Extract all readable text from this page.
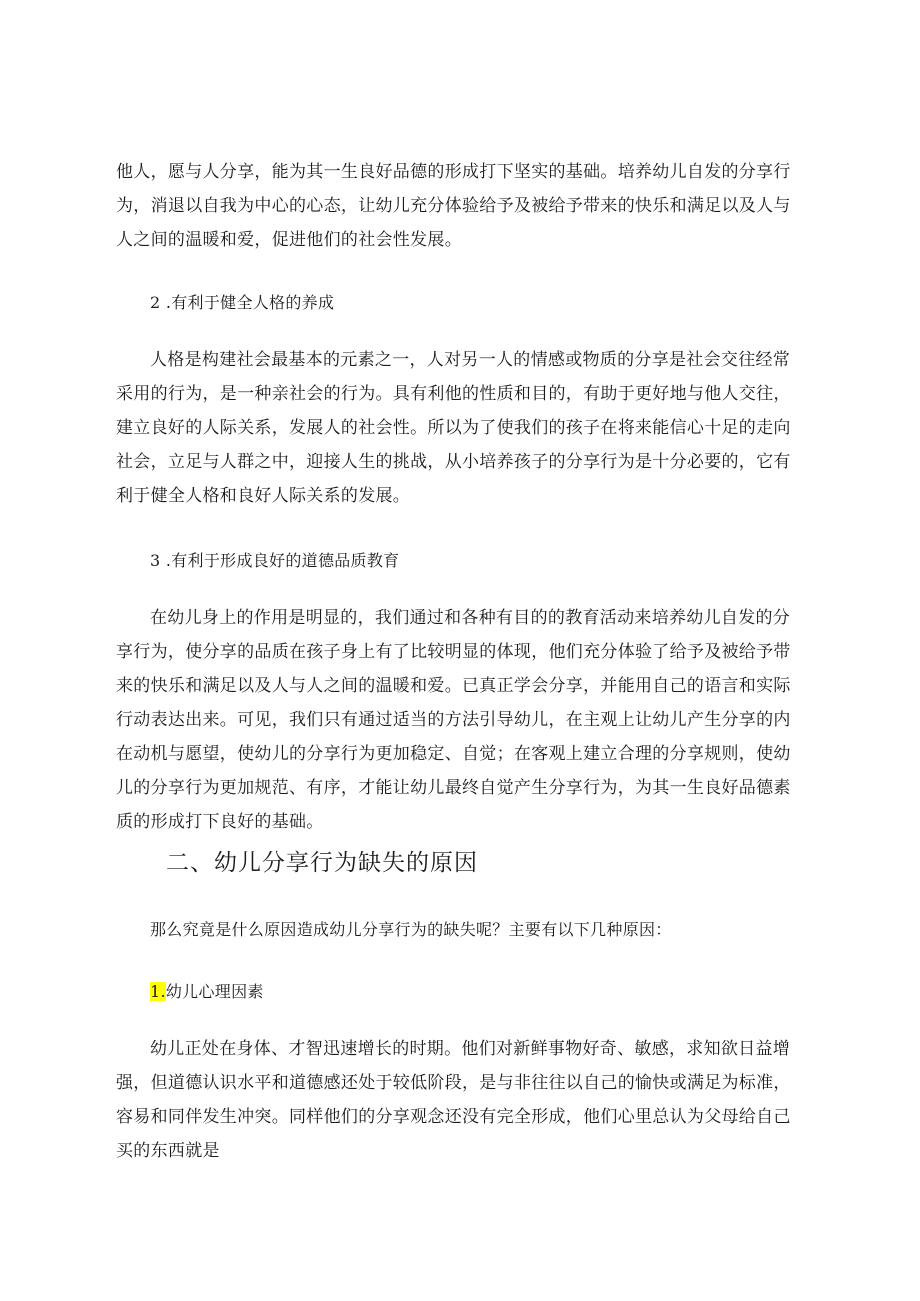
他人，愿与人分享，能为其一生良好品德的形成打下坚实的基础。培养幼儿自发的分享行为，消退以自我为中心的心态，让幼儿充分体验给予及被给予带来的快乐和满足以及人与人之间的温暖和爱，促进他们的社会性发展。

2 .有利于健全人格的养成

人格是构建社会最基本的元素之一，人对另一人的情感或物质的分享是社会交往经常采用的行为，是一种亲社会的行为。具有利他的性质和目的，有助于更好地与他人交往，建立良好的人际关系，发展人的社会性。所以为了使我们的孩子在将来能信心十足的走向社会，立足与人群之中，迎接人生的挑战，从小培养孩子的分享行为是十分必要的，它有利于健全人格和良好人际关系的发展。

3 .有利于形成良好的道德品质教育

在幼儿身上的作用是明显的，我们通过和各种有目的的教育活动来培养幼儿自发的分享行为，使分享的品质在孩子身上有了比较明显的体现，他们充分体验了给予及被给予带来的快乐和满足以及人与人之间的温暖和爱。已真正学会分享，并能用自己的语言和实际行动表达出来。可见，我们只有通过适当的方法引导幼儿，在主观上让幼儿产生分享的内在动机与愿望，使幼儿的分享行为更加稳定、自觉；在客观上建立合理的分享规则，使幼儿的分享行为更加规范、有序，才能让幼儿最终自觉产生分享行为，为其一生良好品德素质的形成打下良好的基础。

二、幼儿分享行为缺失的原因

那么究竟是什么原因造成幼儿分享行为的缺失呢？主要有以下几种原因：

1.幼儿心理因素

幼儿正处在身体、才智迅速增长的时期。他们对新鲜事物好奇、敏感，求知欲日益增强，但道德认识水平和道德感还处于较低阶段，是与非往往以自己的愉快或满足为标准，容易和同伴发生冲突。同样他们的分享观念还没有完全形成，他们心里总认为父母给自己买的东西就是
